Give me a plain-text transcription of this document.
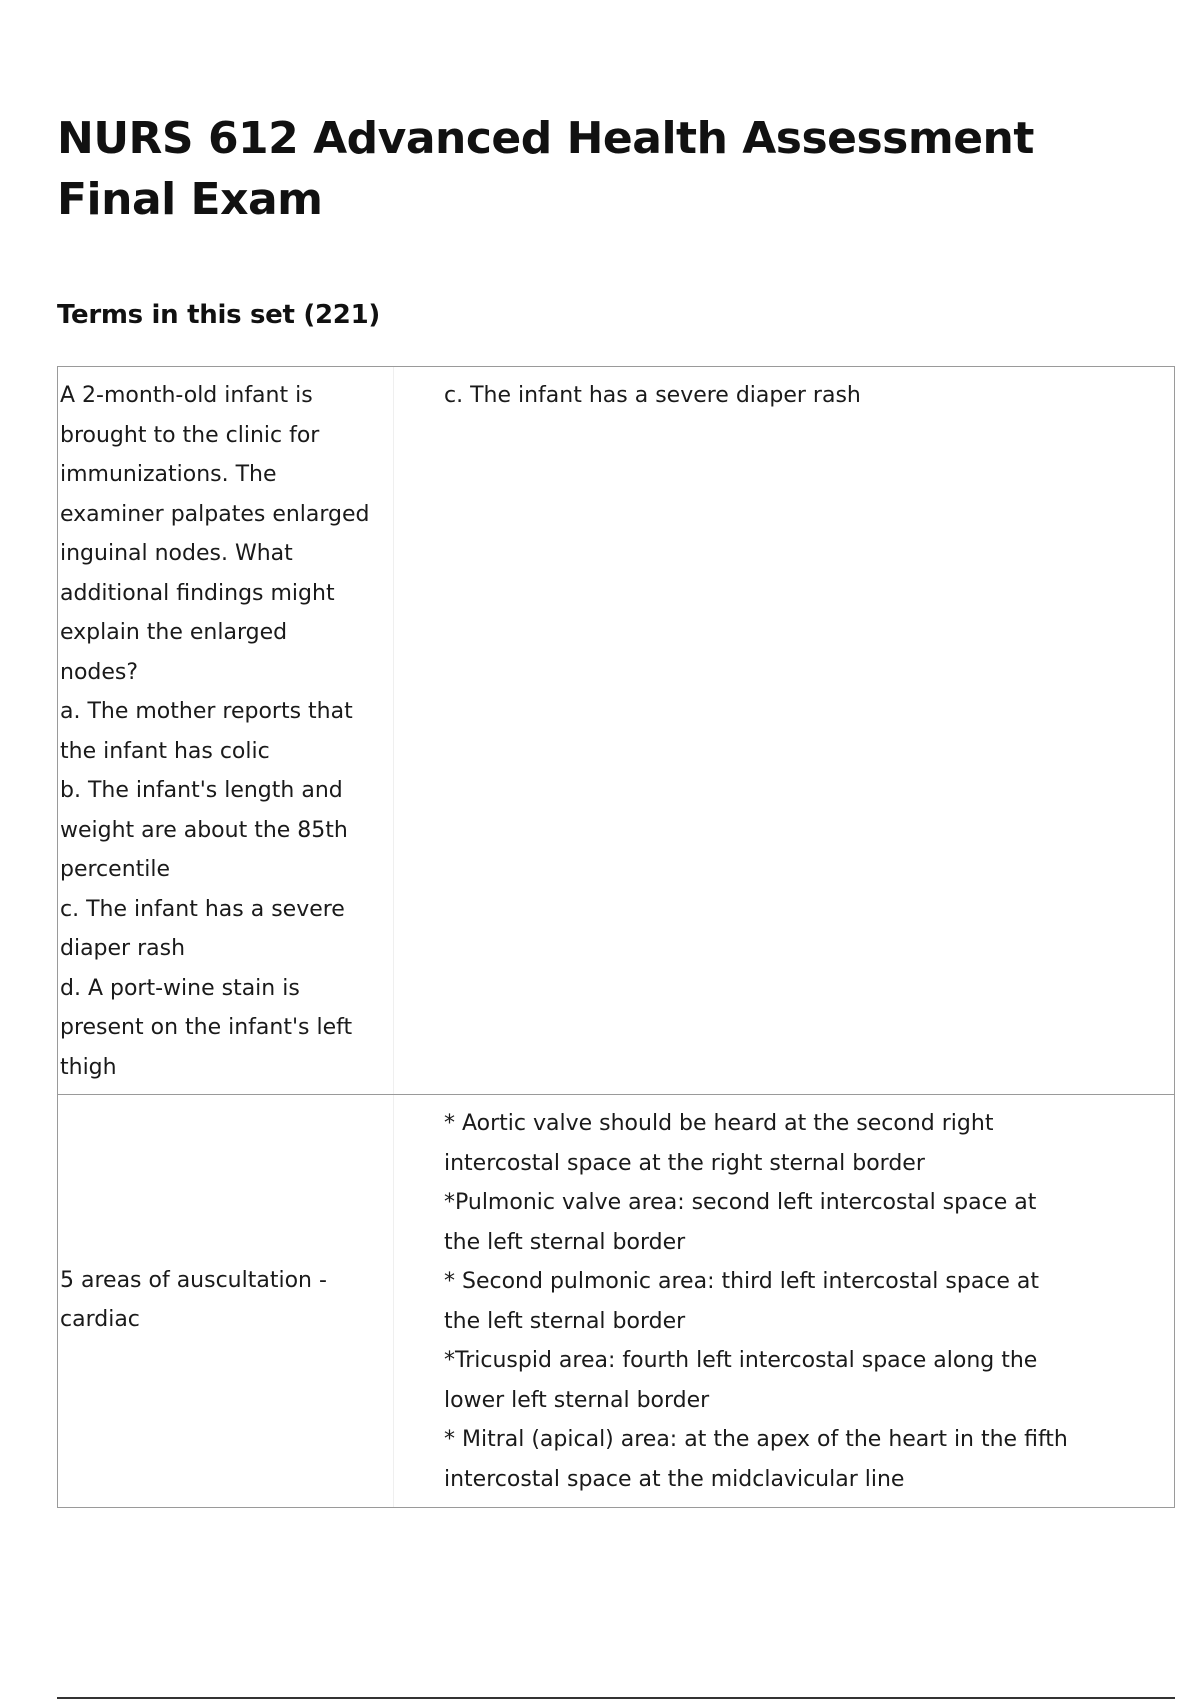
NURS 612 Advanced Health Assessment Final Exam
Terms in this set (221)
A 2-month-old infant is
brought to the clinic for
immunizations. The
examiner palpates enlarged
inguinal nodes. What
additional findings might
explain the enlarged
nodes?
a. The mother reports that
the infant has colic
b. The infant's length and
weight are about the 85th
percentile
c. The infant has a severe
diaper rash
d. A port-wine stain is
present on the infant's left
thigh
c. The infant has a severe diaper rash
5 areas of auscultation -
cardiac
* Aortic valve should be heard at the second right
intercostal space at the right sternal border
*Pulmonic valve area: second left intercostal space at
the left sternal border
* Second pulmonic area: third left intercostal space at
the left sternal border
*Tricuspid area: fourth left intercostal space along the
lower left sternal border
* Mitral (apical) area: at the apex of the heart in the fifth
intercostal space at the midclavicular line
